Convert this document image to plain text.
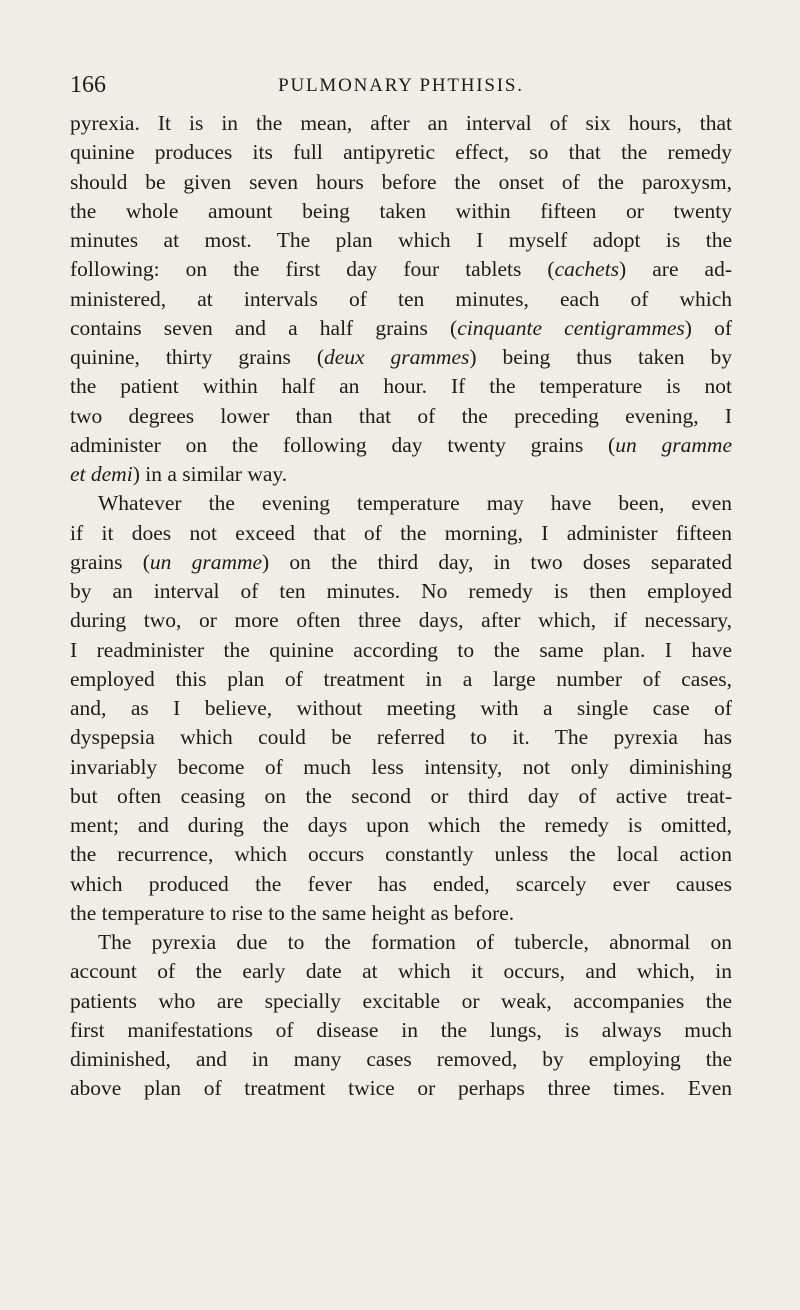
166	PULMONARY PHTHISIS.
pyrexia. It is in the mean, after an interval of six hours, that
quinine produces its full antipyretic effect, so that the remedy
should be given seven hours before the onset of the paroxysm,
the whole amount being taken within fifteen or twenty
minutes at most. The plan which I myself adopt is the
following: on the first day four tablets (cachets) are ad-
ministered, at intervals of ten minutes, each of which
contains seven and a half grains (cinquante centigrammes) of
quinine, thirty grains (deux grammes) being thus taken by
the patient within half an hour. If the temperature is not
two degrees lower than that of the preceding evening, I
administer on the following day twenty grains (un gramme
et demi) in a similar way.
Whatever the evening temperature may have been, even
if it does not exceed that of the morning, I administer fifteen
grains (un gramme) on the third day, in two doses separated
by an interval of ten minutes. No remedy is then employed
during two, or more often three days, after which, if necessary,
I readminister the quinine according to the same plan. I have
employed this plan of treatment in a large number of cases,
and, as I believe, without meeting with a single case of
dyspepsia which could be referred to it. The pyrexia has
invariably become of much less intensity, not only diminishing
but often ceasing on the second or third day of active treat-
ment; and during the days upon which the remedy is omitted,
the recurrence, which occurs constantly unless the local action
which produced the fever has ended, scarcely ever causes
the temperature to rise to the same height as before.
The pyrexia due to the formation of tubercle, abnormal on
account of the early date at which it occurs, and which, in
patients who are specially excitable or weak, accompanies the
first manifestations of disease in the lungs, is always much
diminished, and in many cases removed, by employing the
above plan of treatment twice or perhaps three times. Even
